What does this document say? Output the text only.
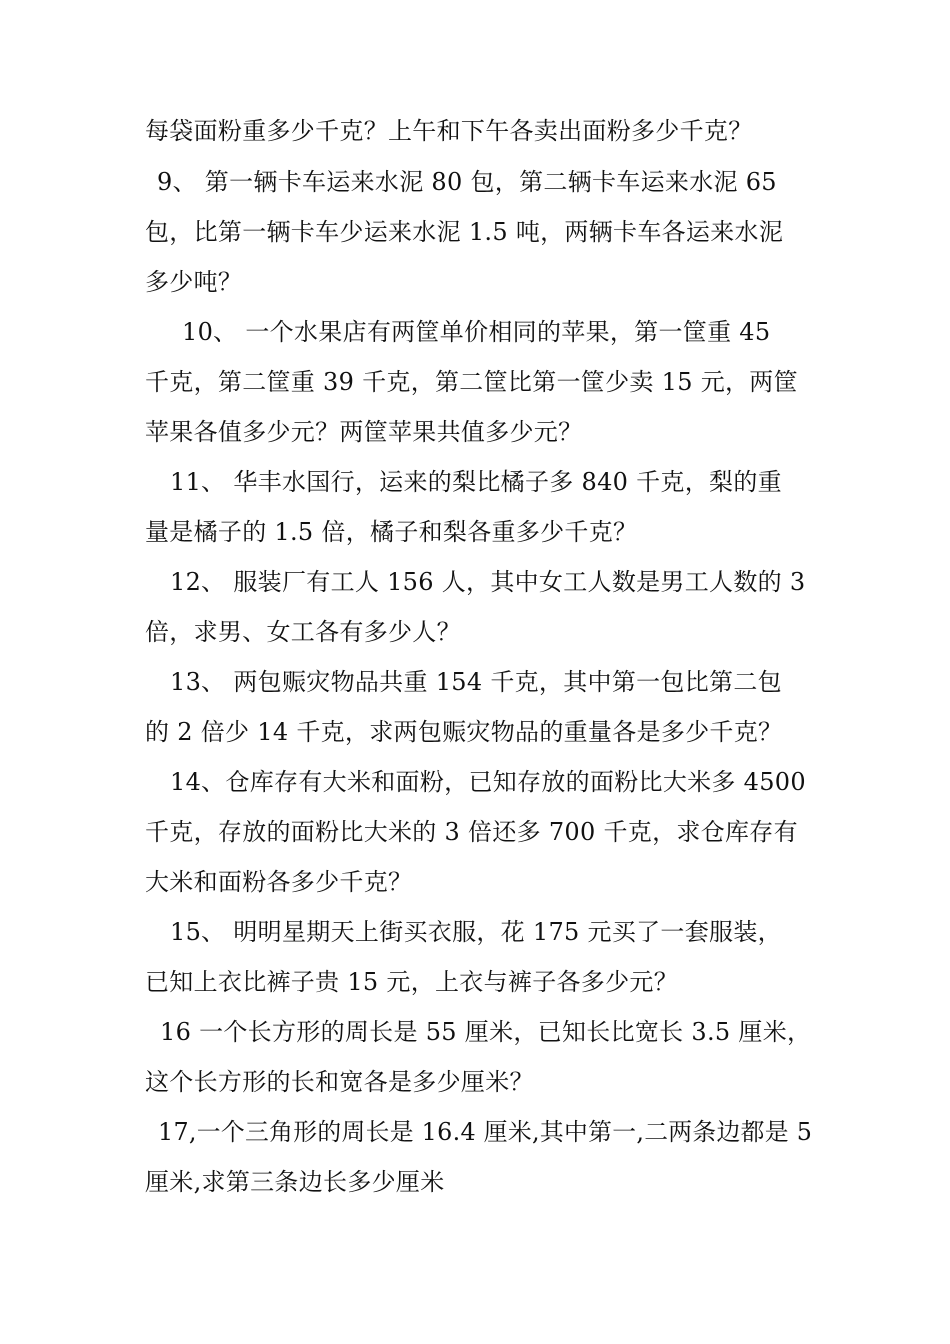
每袋面粉重多少千克？上午和下午各卖出面粉多少千克？
9、 第一辆卡车运来水泥 80 包，第二辆卡车运来水泥 65
包，比第一辆卡车少运来水泥 1.5 吨，两辆卡车各运来水泥
多少吨？
10、 一个水果店有两筐单价相同的苹果，第一筐重 45
千克，第二筐重 39 千克，第二筐比第一筐少卖 15 元，两筐
苹果各值多少元？两筐苹果共值多少元？
11、 华丰水国行，运来的梨比橘子多 840 千克，梨的重
量是橘子的 1.5 倍，橘子和梨各重多少千克？
12、 服装厂有工人 156 人，其中女工人数是男工人数的 3
倍，求男、女工各有多少人？
13、 两包赈灾物品共重 154 千克，其中第一包比第二包
的 2 倍少 14 千克，求两包赈灾物品的重量各是多少千克？
14、仓库存有大米和面粉，已知存放的面粉比大米多 4500
千克，存放的面粉比大米的 3 倍还多 700 千克，求仓库存有
大米和面粉各多少千克？
15、 明明星期天上街买衣服，花 175 元买了一套服装，
已知上衣比裤子贵 15 元，上衣与裤子各多少元？
16 一个长方形的周长是 55 厘米，已知长比宽长 3.5 厘米，
这个长方形的长和宽各是多少厘米？
17,一个三角形的周长是 16.4 厘米,其中第一,二两条边都是 5
厘米,求第三条边长多少厘米
